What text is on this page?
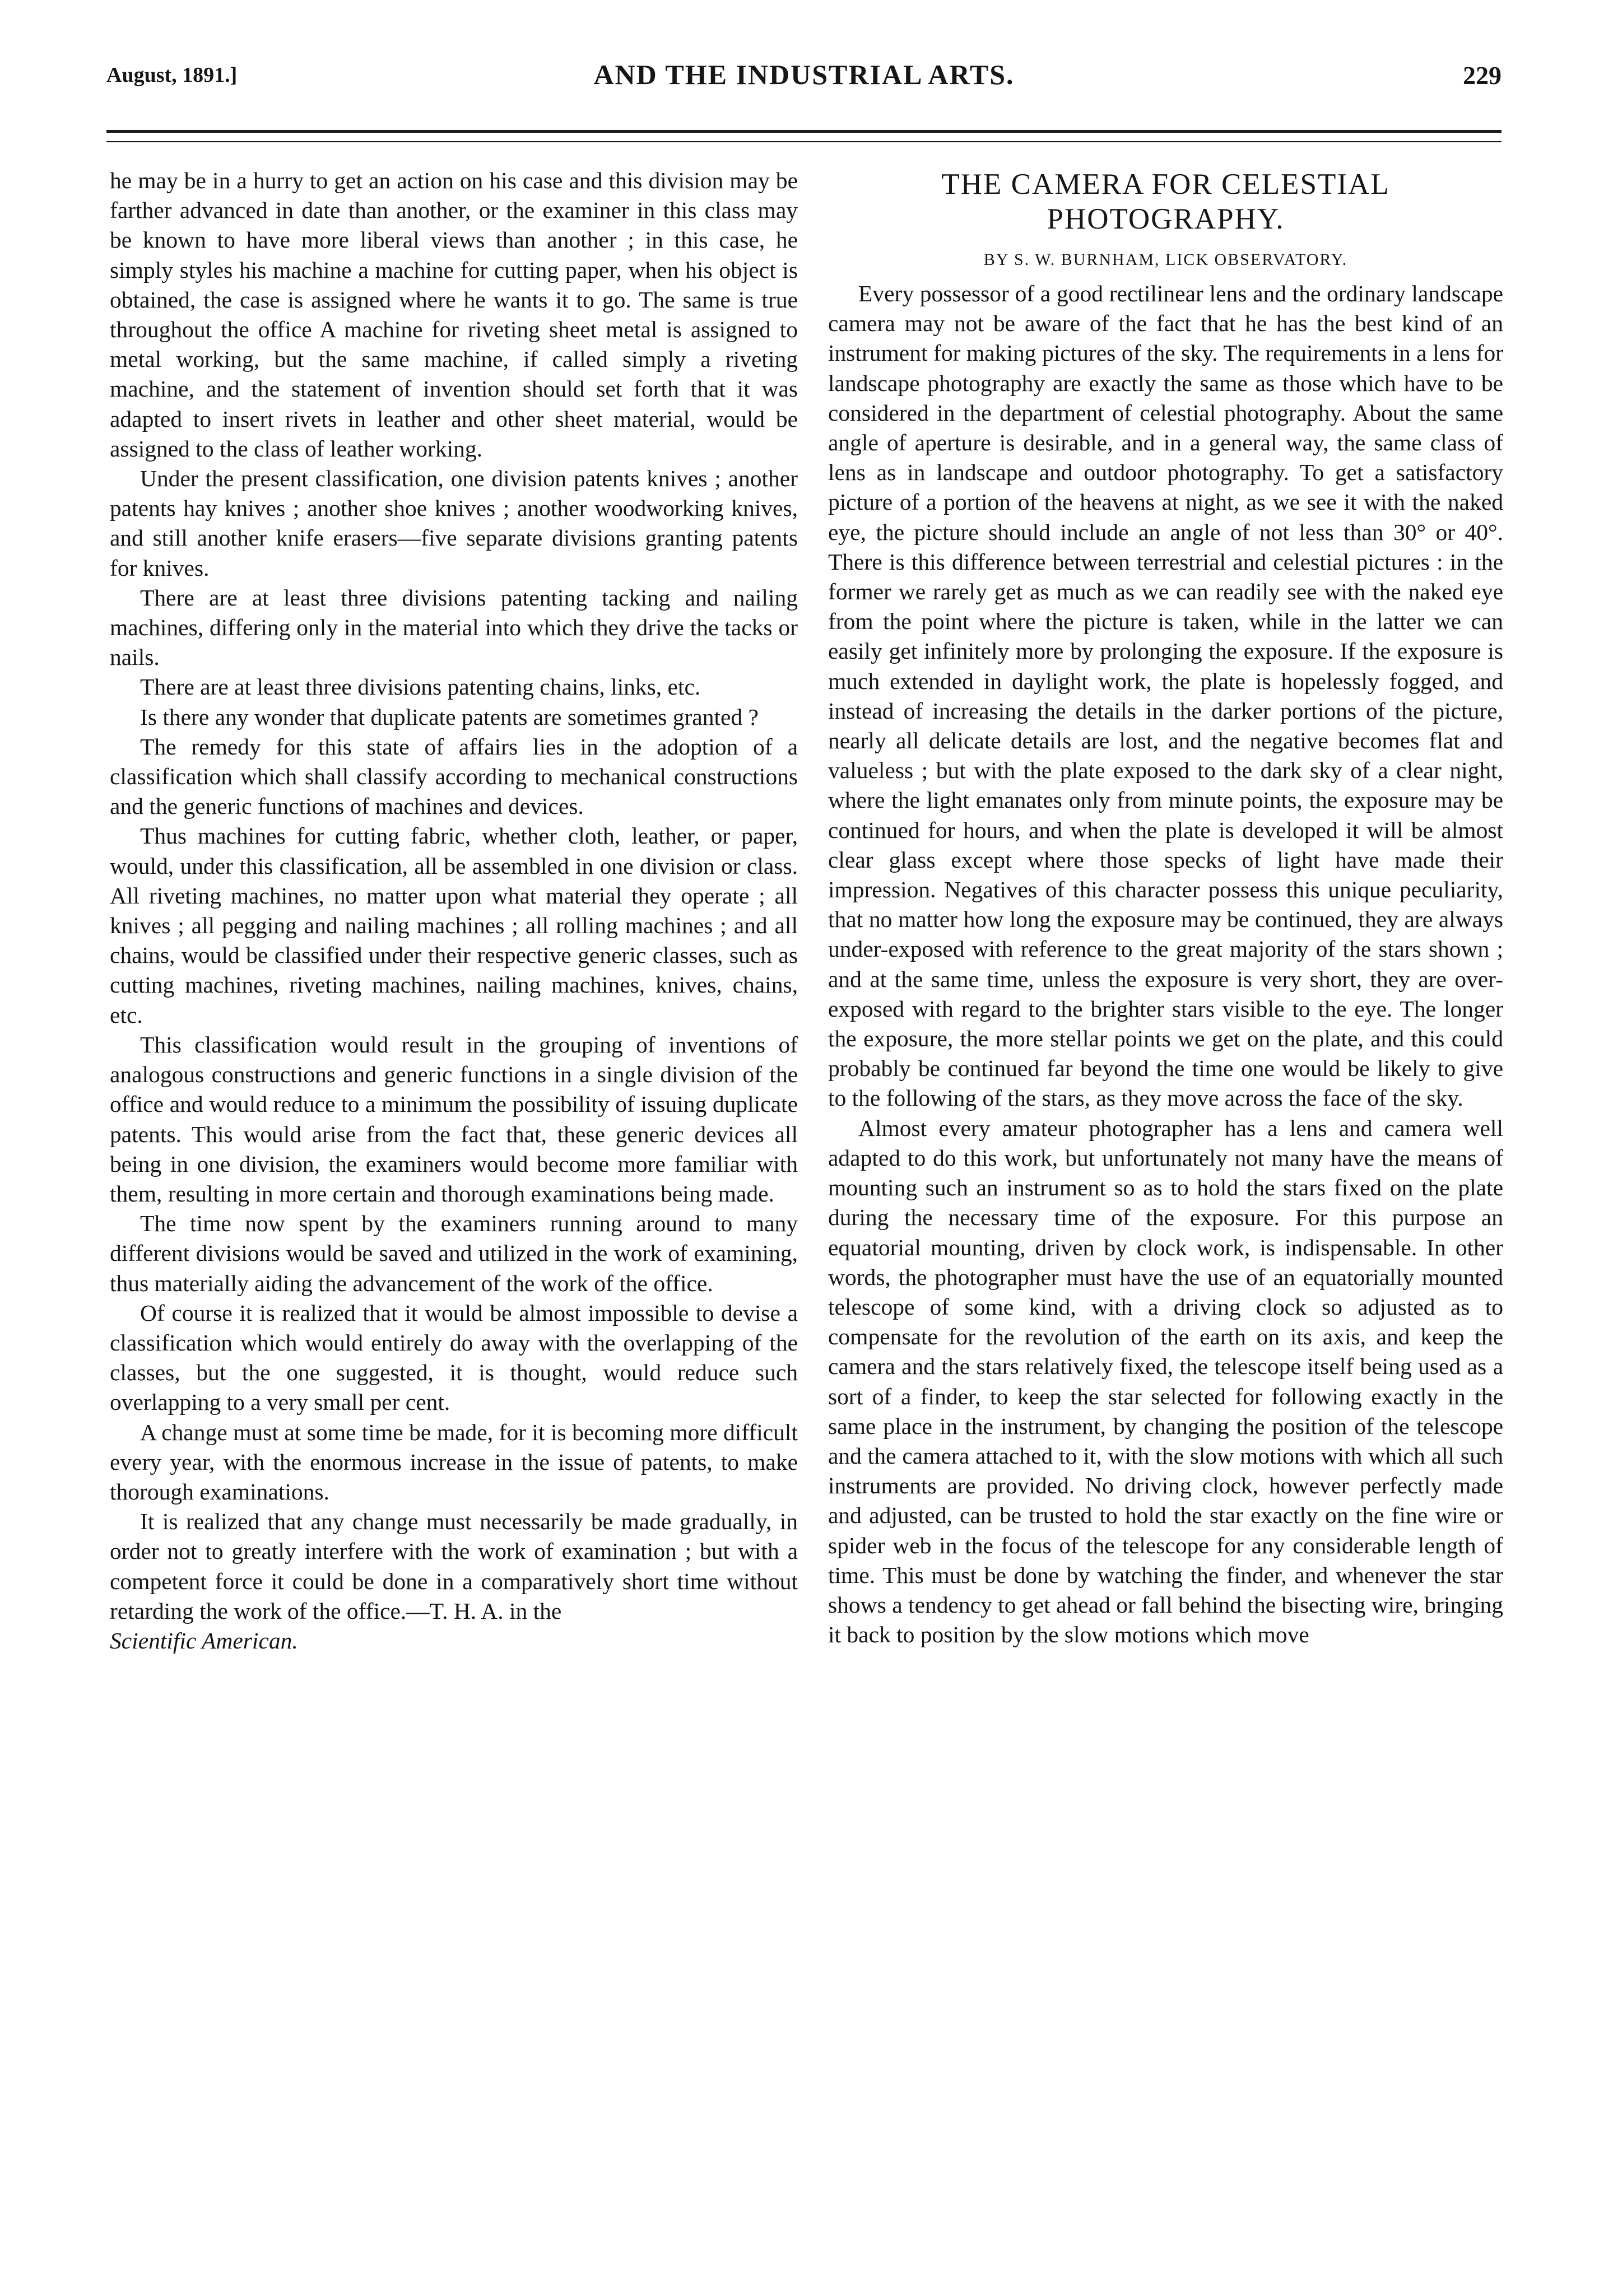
August, 1891.]	AND THE INDUSTRIAL ARTS.	229

he may be in a hurry to get an action on his case and this division may be farther advanced in date than another, or the examiner in this class may be known to have more liberal views than another ; in this case, he simply styles his machine a machine for cutting paper, when his object is obtained, the case is assigned where he wants it to go. The same is true throughout the office A machine for riveting sheet metal is assigned to metal working, but the same machine, if called simply a riveting machine, and the statement of invention should set forth that it was adapted to insert rivets in leather and other sheet material, would be assigned to the class of leather working.

Under the present classification, one division patents knives ; another patents hay knives ; another shoe knives ; another woodworking knives, and still another knife erasers—five separate divisions granting patents for knives.

There are at least three divisions patenting tacking and nailing machines, differing only in the material into which they drive the tacks or nails.

There are at least three divisions patenting chains, links, etc.

Is there any wonder that duplicate patents are sometimes granted ?

The remedy for this state of affairs lies in the adoption of a classification which shall classify according to mechanical constructions and the generic functions of machines and devices.

Thus machines for cutting fabric, whether cloth, leather, or paper, would, under this classification, all be assembled in one division or class. All riveting machines, no matter upon what material they operate ; all knives ; all pegging and nailing machines ; all rolling machines ; and all chains, would be classified under their respective generic classes, such as cutting machines, riveting machines, nailing machines, knives, chains, etc.

This classification would result in the grouping of inventions of analogous constructions and generic functions in a single division of the office and would reduce to a minimum the possibility of issuing duplicate patents. This would arise from the fact that, these generic devices all being in one division, the examiners would become more familiar with them, resulting in more certain and thorough examinations being made.

The time now spent by the examiners running around to many different divisions would be saved and utilized in the work of examining, thus materially aiding the advancement of the work of the office.

Of course it is realized that it would be almost impossible to devise a classification which would entirely do away with the overlapping of the classes, but the one suggested, it is thought, would reduce such overlapping to a very small per cent.

A change must at some time be made, for it is becoming more difficult every year, with the enormous increase in the issue of patents, to make thorough examinations.

It is realized that any change must necessarily be made gradually, in order not to greatly interfere with the work of examination ; but with a competent force it could be done in a comparatively short time without retarding the work of the office.—T. H. A. in the

Scientific American.

THE CAMERA FOR CELESTIAL PHOTOGRAPHY.
BY S. W. BURNHAM, LICK OBSERVATORY.

Every possessor of a good rectilinear lens and the ordinary landscape camera may not be aware of the fact that he has the best kind of an instrument for making pictures of the sky. The requirements in a lens for landscape photography are exactly the same as those which have to be considered in the department of celestial photography. About the same angle of aperture is desirable, and in a general way, the same class of lens as in landscape and outdoor photography. To get a satisfactory picture of a portion of the heavens at night, as we see it with the naked eye, the picture should include an angle of not less than 30° or 40°. There is this difference between terrestrial and celestial pictures : in the former we rarely get as much as we can readily see with the naked eye from the point where the picture is taken, while in the latter we can easily get infinitely more by prolonging the exposure. If the exposure is much extended in daylight work, the plate is hopelessly fogged, and instead of increasing the details in the darker portions of the picture, nearly all delicate details are lost, and the negative becomes flat and valueless ; but with the plate exposed to the dark sky of a clear night, where the light emanates only from minute points, the exposure may be continued for hours, and when the plate is developed it will be almost clear glass except where those specks of light have made their impression. Negatives of this character possess this unique peculiarity, that no matter how long the exposure may be continued, they are always under-exposed with reference to the great majority of the stars shown ; and at the same time, unless the exposure is very short, they are over-exposed with regard to the brighter stars visible to the eye. The longer the exposure, the more stellar points we get on the plate, and this could probably be continued far beyond the time one would be likely to give to the following of the stars, as they move across the face of the sky.

Almost every amateur photographer has a lens and camera well adapted to do this work, but unfortunately not many have the means of mounting such an instrument so as to hold the stars fixed on the plate during the necessary time of the exposure. For this purpose an equatorial mounting, driven by clock work, is indispensable. In other words, the photographer must have the use of an equatorially mounted telescope of some kind, with a driving clock so adjusted as to compensate for the revolution of the earth on its axis, and keep the camera and the stars relatively fixed, the telescope itself being used as a sort of a finder, to keep the star selected for following exactly in the same place in the instrument, by changing the position of the telescope and the camera attached to it, with the slow motions with which all such instruments are provided. No driving clock, however perfectly made and adjusted, can be trusted to hold the star exactly on the fine wire or spider web in the focus of the telescope for any considerable length of time. This must be done by watching the finder, and whenever the star shows a tendency to get ahead or fall behind the bisecting wire, bringing it back to position by the slow motions which move
